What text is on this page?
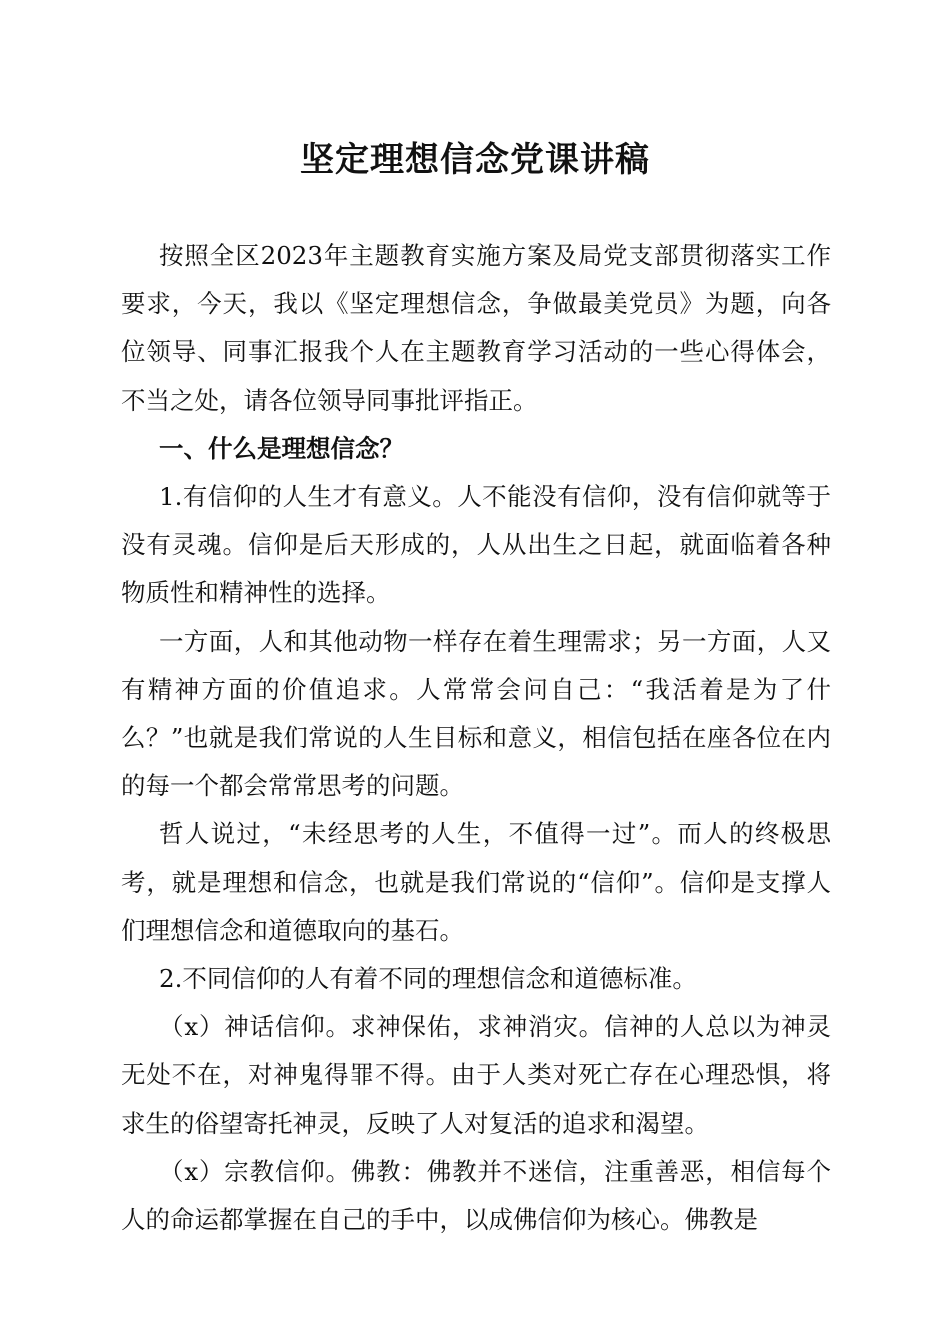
坚定理想信念党课讲稿

按照全区2023年主题教育实施方案及局党支部贯彻落实工作要求，今天，我以《坚定理想信念，争做最美党员》为题，向各位领导、同事汇报我个人在主题教育学习活动的一些心得体会，不当之处，请各位领导同事批评指正。

一、什么是理想信念？

1.有信仰的人生才有意义。人不能没有信仰，没有信仰就等于没有灵魂。信仰是后天形成的，人从出生之日起，就面临着各种物质性和精神性的选择。

一方面，人和其他动物一样存在着生理需求；另一方面，人又有精神方面的价值追求。人常常会问自己：“我活着是为了什么？”也就是我们常说的人生目标和意义，相信包括在座各位在内的每一个都会常常思考的问题。

哲人说过，“未经思考的人生，不值得一过”。而人的终极思考，就是理想和信念，也就是我们常说的“信仰”。信仰是支撑人们理想信念和道德取向的基石。

2.不同信仰的人有着不同的理想信念和道德标准。

（x）神话信仰。求神保佑，求神消灾。信神的人总以为神灵无处不在，对神鬼得罪不得。由于人类对死亡存在心理恐惧，将求生的俗望寄托神灵，反映了人对复活的追求和渴望。

（x）宗教信仰。佛教：佛教并不迷信，注重善恶，相信每个人的命运都掌握在自己的手中，以成佛信仰为核心。佛教是
